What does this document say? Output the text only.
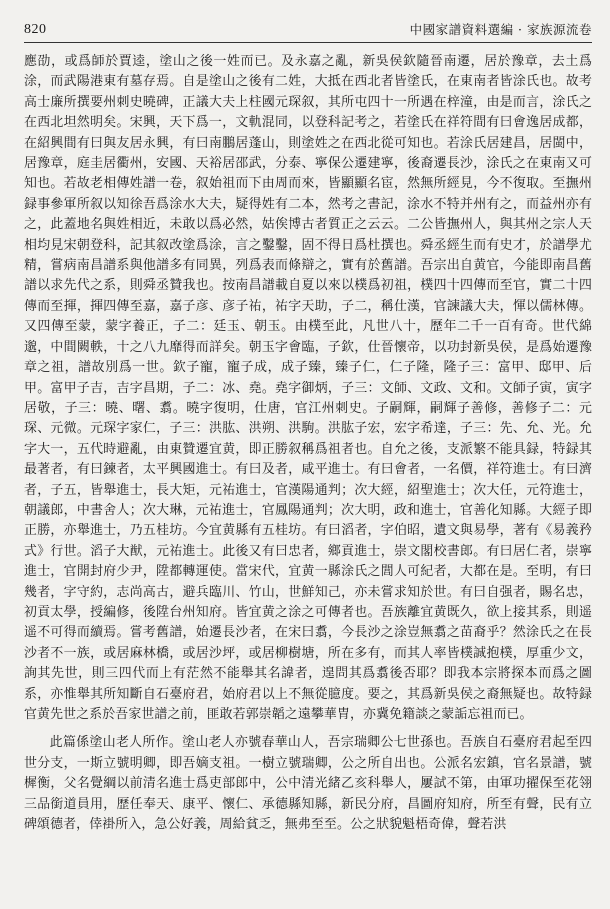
820	中國家譜資料選編 · 家族源流卷

應劭，或爲師於賈逵，塗山之後一姓而已。及永嘉之亂，新吳侯欽隨晉南遷，居於豫章，去土爲涂，而武陽港東有墓存焉。自是塗山之後有二姓，大抵在西北者皆塗氏，在東南者皆涂氏也。故考高士廉所撰要州刺史曉碑，正議大夫上柱國元琛叙，其所屯四十一所遇在梓潼，由是而言，涂氏之在西北坦然明矣。宋興，天下爲一，文軌混同，以登科記考之，若塗氏在祥符間有曰會逸居成都，在紹興間有曰與友居永興，有曰南鵬居蓬山，則塗姓之在西北從可知也。若涂氏居建昌，居閩中，居豫章，庭圭居衢州，安國、天裕居邵武，分泰、寧保公遷建寧，後裔遷長沙，涂氏之在東南又可知也。若故老相傳姓譜一卷，叙始祖而下由周而來，皆顯顯名宦，然無所經見，今不復取。至撫州録事參軍所叙以知徐吾爲涂水大夫，疑得姓有二本，然考之書記，涂水不特并州有之，而益州亦有之，此蓋地名與姓相近，未敢以爲必然，姑俟博古者質正之云云。二公皆撫州人，與其州之宗人天相均見宋朝登科，記其叙改塗爲涂，言之鑿鑿，固不得日爲杜撰也。舜丞經生而有史才，於譜學尤精，嘗病南昌譜系與他譜多有同異，列爲表而條辯之，實有於舊譜。吾宗出自黄官，今能即南昌舊譜以求先代之系，則舜丞贊我也。按南昌譜載自夏以來以樸爲初祖，樸四十四傳而至官，實二十四傳而至揮，揮四傳至嘉，嘉子彦、彦子祐，祐字天助，子二，稱仕漢，官諫議大夫，惲以儒林傳。又四傳至蒙，蒙字養正，子二：廷玉、朝玉。由樸至此，凡世八十，歷年二千一百有奇。世代綿邈，中間闕軼，十之八九靡得而詳矣。朝玉字會臨，子欽，仕晉懷帝，以功封新吳侯，是爲始遷豫章之祖，譜故別爲一世。欽子寵，寵子成，成子臻，臻子仁，仁子隆，隆子三：富甲、邸甲、后甲。富甲子吉，吉字昌期，子二：冰、堯。堯字御炳，子三：文師、文政、文和。文師子寅，寅字居敬，子三：曉、曙、翥。曉字復明，仕唐，官江州刺史。子嗣輝，嗣輝子善修，善修子二：元琛、元微。元琛字家仁，子三：洪肱、洪朔、洪駒。洪肱子宏，宏字希達，子三：先、允、光。允字大一，五代時避亂，由東贊遷宜黄，即正勝叙稱爲祖者也。自允之後，支派繁不能具録，特録其最著者，有曰鍊者，太平興國進士。有曰及者，咸平進士。有曰會者，一名價，祥符進士。有曰濟者，子五，皆舉進士，長大矩，元祐進士，官漢陽通判；次大經，紹聖進士；次大任，元符進士，朝議郎，中書舍人；次大琳，元祐進士，官鳳陽通判；次大明，政和進士，官善化知縣。大經子即正勝，亦舉進士，乃五桂坊。今宜黄縣有五桂坊。有曰滔者，字伯昭，遺文與易學，著有《易義矜式》行世。滔子大猷，元祐進士。此後又有曰忠者，鄉貢進士，崇文閣校書郎。有曰居仁者，崇寧進士，官開封府少尹，陞都轉運使。當宋代，宜黄一縣涂氏之閭人可紀者，大都在是。至明，有曰幾者，字守約，志尚高古，避兵臨川、竹山，世鮮知己，亦未嘗求知於世。有曰自强者，賜名忠，初貢太學，授編修，後陞台州知府。皆宜黄之涂之可傳者也。吾族離宜黄既久，欲上接其系，則遥遥不可得而續焉。嘗考舊譜，始遷長沙者，在宋曰翥，今長沙之涂豈無翥之苗裔乎？然涂氏之在長沙者不一族，或居麻林橋，或居沙坪，或居柳樹塘，所在多有，而其人率皆樸誠抱樸，厚重少文，詢其先世，則三四代而上有茫然不能舉其名諱者，遑問其爲翥後否耶？即我本宗將探本而爲之圖系，亦惟舉其所知斷自石臺府君，始府君以上不無從臆度。要之，其爲新吳侯之裔無疑也。故特録官黄先世之系於吾家世譜之前，匪敢若郭崇韜之遠攀華胄，亦冀免籍談之蒙詬忘祖而已。

此篇係塗山老人所作。塗山老人亦號春華山人，吾宗瑞卿公七世孫也。吾族自石臺府君起至四世分支，一斯立號明卿，即吾嫡支祖。一樹立號瑞卿，公之所自出也。公派名宏鎮，官名景譜，號樨衡，父名覺綱以前清名進士爲吏部郎中，公中清光緒乙亥科舉人，屢試不第，由軍功擢保至花翎三品銜道員用，歷任奉天、康平、懷仁、承德縣知縣，新民分府，昌圖府知府，所至有聲，民有立碑頌德者，倖褂所入，急公好義，周給貧乏，無弗至至。公之狀貌魁梧奇偉，聲若洪
